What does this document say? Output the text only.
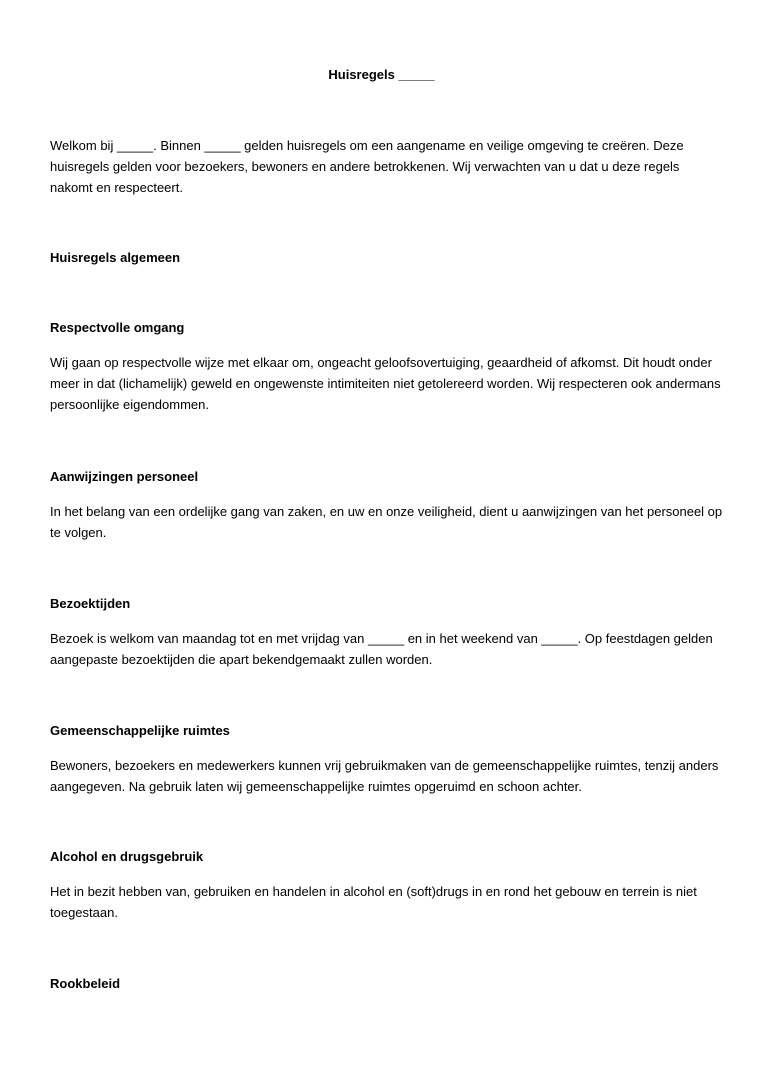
Huisregels _____

Welkom bij _____. Binnen _____ gelden huisregels om een aangename en veilige omgeving te creëren. Deze huisregels gelden voor bezoekers, bewoners en andere betrokkenen. Wij verwachten van u dat u deze regels nakomt en respecteert.

Huisregels algemeen
Respectvolle omgang

Wij gaan op respectvolle wijze met elkaar om, ongeacht geloofsovertuiging, geaardheid of afkomst. Dit houdt onder meer in dat (lichamelijk) geweld en ongewenste intimiteiten niet getolereerd worden. Wij respecteren ook andermans persoonlijke eigendommen.

Aanwijzingen personeel

In het belang van een ordelijke gang van zaken, en uw en onze veiligheid, dient u aanwijzingen van het personeel op te volgen.

Bezoektijden

Bezoek is welkom van maandag tot en met vrijdag van _____ en in het weekend van _____. Op feestdagen gelden aangepaste bezoektijden die apart bekendgemaakt zullen worden.

Gemeenschappelijke ruimtes

Bewoners, bezoekers en medewerkers kunnen vrij gebruikmaken van de gemeenschappelijke ruimtes, tenzij anders aangegeven. Na gebruik laten wij gemeenschappelijke ruimtes opgeruimd en schoon achter.

Alcohol en drugsgebruik

Het in bezit hebben van, gebruiken en handelen in alcohol en (soft)drugs in en rond het gebouw en terrein is niet toegestaan.

Rookbeleid
